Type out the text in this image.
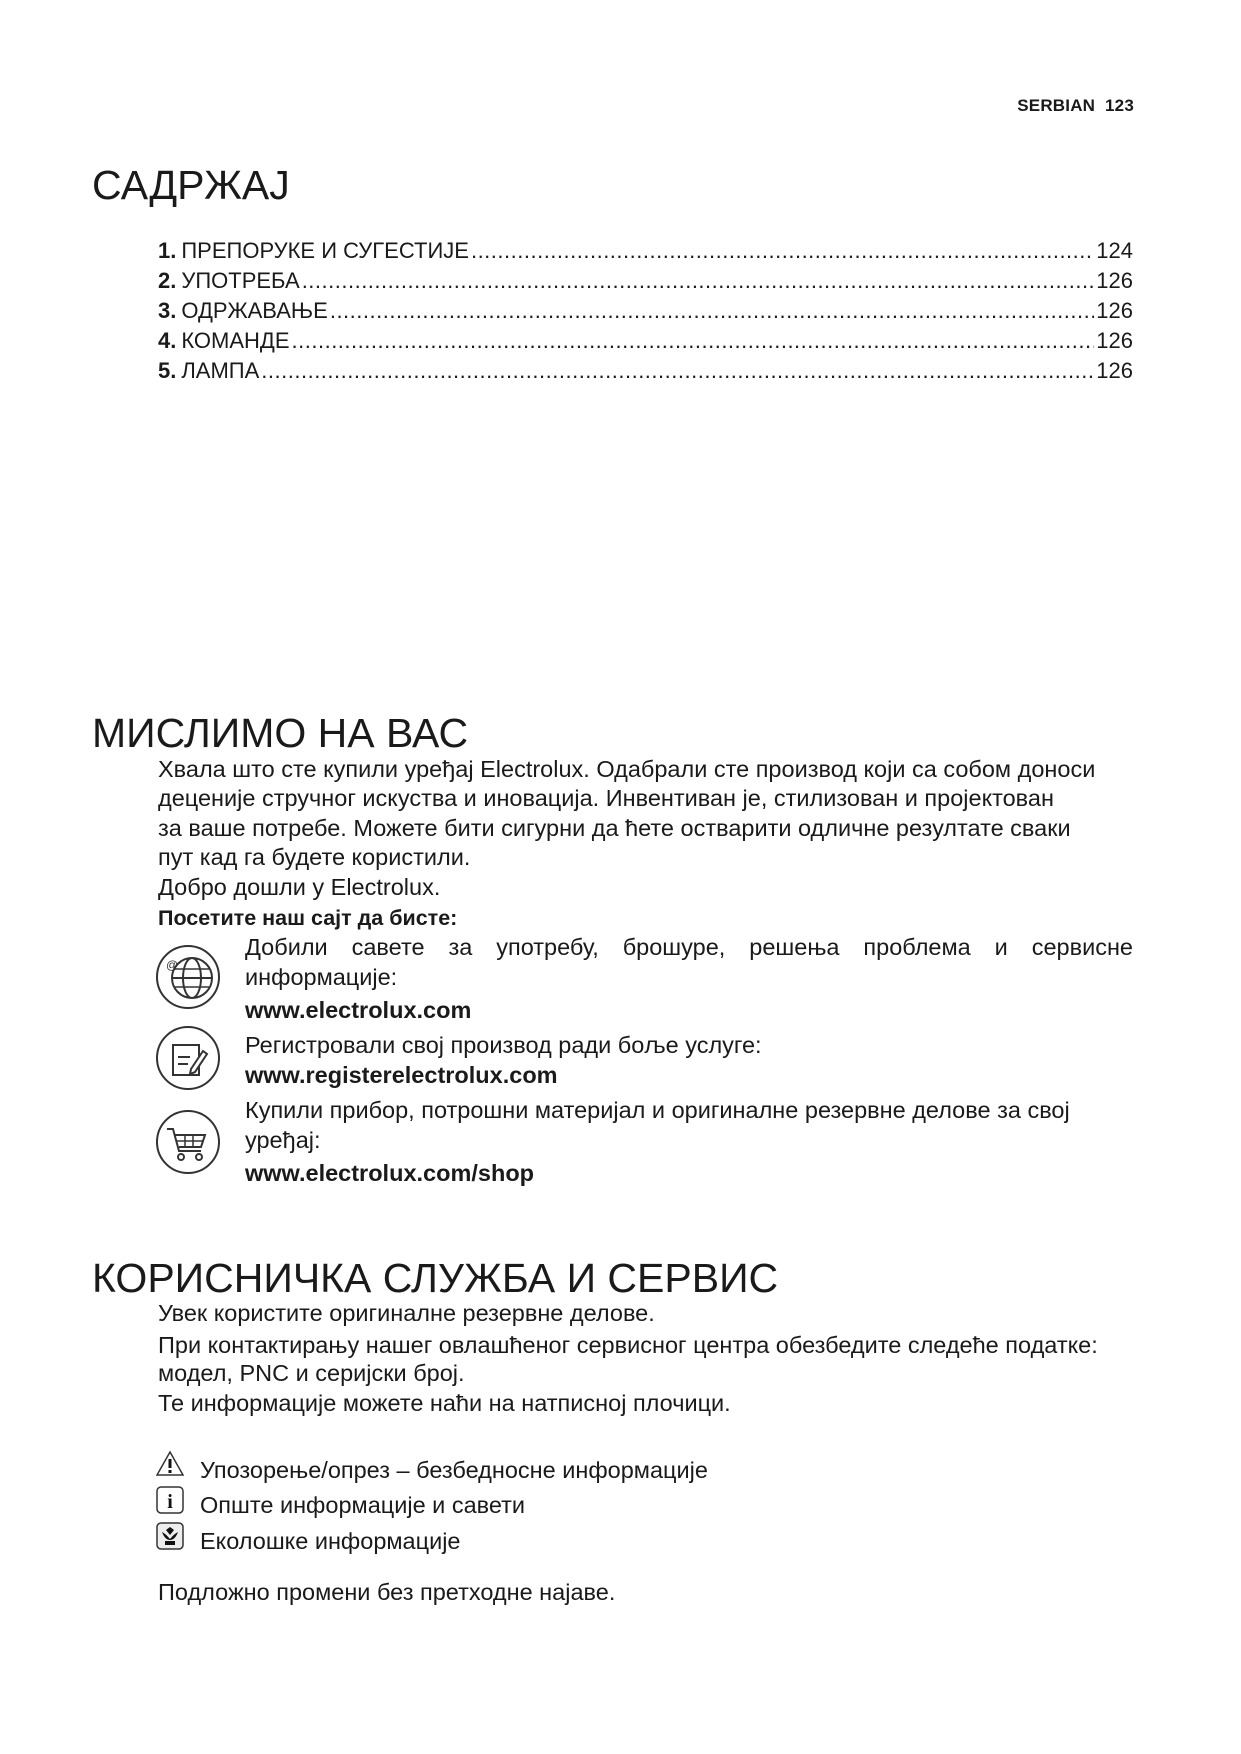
SERBIAN 123
САДРЖАЈ
1. ПРЕПОРУКЕ И СУГЕСТИЈЕ .....	124
2. УПОТРЕБА .....	126
3. ОДРЖАВАЊЕ .....	126
4. КОМАНДЕ .....	126
5. ЛАМПА .....	126
МИСЛИМО НА ВАС
Хвала што сте купили уређај Electrolux. Одабрали сте производ који са собом доноси
деценије стручног искуства и иновација. Инвентиван је, стилизован и пројектован
за ваше потребе. Можете бити сигурни да ћете остварити одличне резултате сваки
пут кад га будете користили.
Добро дошли у Electrolux.
Посетите наш сајт да бисте:
@
Добили савете за употребу, брошуре, решења проблема и сервисне информације:
www.electrolux.com
Регистровали свој производ ради боље услуге:
www.registerelectrolux.com
Купили прибор, потрошни материјал и оригиналне резервне делове за свој уређај:
www.electrolux.com/shop
КОРИСНИЧКА СЛУЖБА И СЕРВИС
Увек користите оригиналне резервне делове.
При контактирању нашег овлашћеног сервисног центра обезбедите следеће податке:
модел, PNC и серијски број.
Те информације можете наћи на натписној плочици.
Упозорење/опрез – безбедносне информације
i Опште информације и савети
Еколошке информације
Подложно промени без претходне најаве.
